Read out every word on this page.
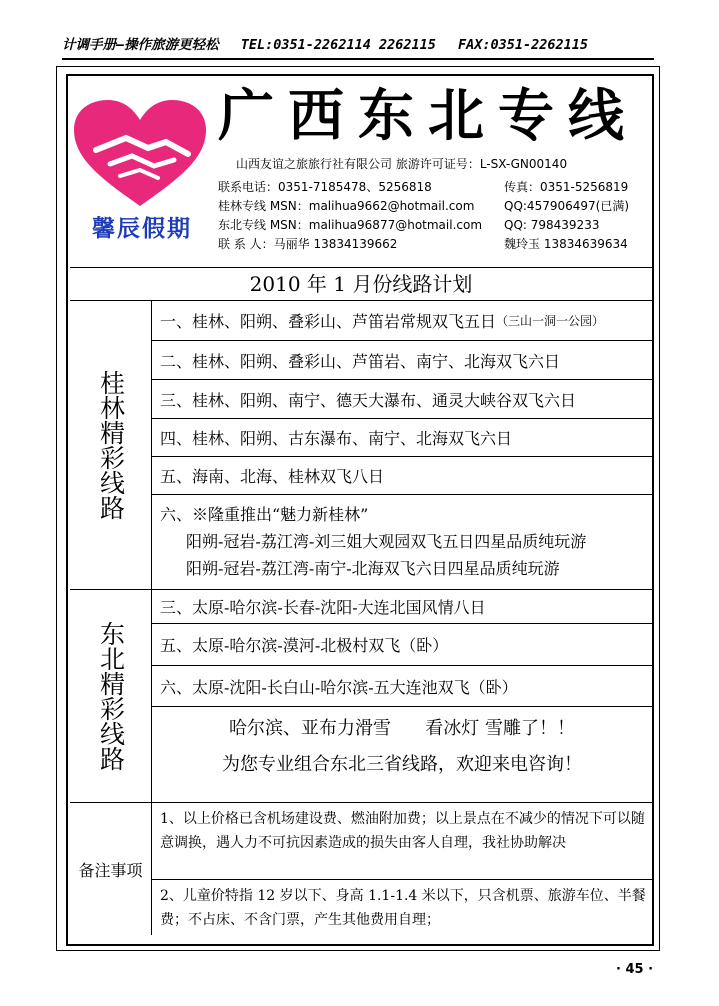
计调手册—操作旅游更轻松 TEL:0351-2262114 2262115 FAX:0351-2262115
馨辰假期
广西东北专线
山西友谊之旅旅行社有限公司 旅游许可证号：L-SX-GN00140
联系电话：0351-7185478、5256818	传真：0351-5256819
桂林专线 MSN：malihua9662@hotmail.com QQ:457906497(已满)
东北专线 MSN：malihua96877@hotmail.com QQ: 798439233
联 系 人：马丽华 13834139662	魏玲玉 13834639634
2010 年 1 月份线路计划
桂林精彩线路
一、桂林、阳朔、叠彩山、芦笛岩常规双飞五日 （三山一洞一公园）
二、桂林、阳朔、叠彩山、芦笛岩、南宁、北海双飞六日
三、桂林、阳朔、南宁、德天大瀑布、通灵大峡谷双飞六日
四、桂林、阳朔、古东瀑布、南宁、北海双飞六日
五、海南、北海、桂林双飞八日
六、※隆重推出“魅力新桂林”
阳朔-冠岩-荔江湾-刘三姐大观园双飞五日四星品质纯玩游
阳朔-冠岩-荔江湾-南宁-北海双飞六日四星品质纯玩游
东北精彩线路
三、太原-哈尔滨-长春-沈阳-大连北国风情八日
五、太原-哈尔滨-漠河-北极村双飞（卧）
六、太原-沈阳-长白山-哈尔滨-五大连池双飞（卧）
哈尔滨、亚布力滑雪      看冰灯 雪雕了！！
为您专业组合东北三省线路，欢迎来电咨询！
备注事项
1、以上价格已含机场建设费、燃油附加费；以上景点在不减少的情况下可以随意调换，遇人力不可抗因素造成的损失由客人自理，我社协助解决
2、儿童价特指 12 岁以下、身高 1.1-1.4 米以下，只含机票、旅游车位、半餐费；不占床、不含门票，产生其他费用自理；
· 45 ·
